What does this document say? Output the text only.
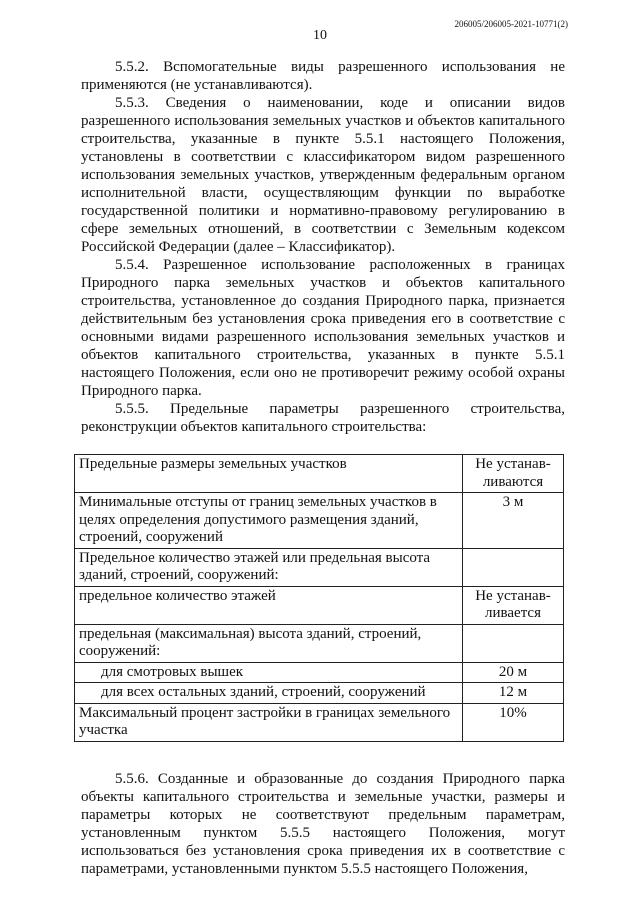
10
206005/206005-2021-10771(2)

5.5.2. Вспомогательные виды разрешенного использования не применяются (не устанавливаются).

5.5.3. Сведения о наименовании, коде и описании видов разрешенного использования земельных участков и объектов капитального строительства, указанные в пункте 5.5.1 настоящего Положения, установлены в соответствии с классификатором видом разрешенного использования земельных участков, утвержденным федеральным органом исполнительной власти, осуществляющим функции по выработке государственной политики и нормативно-правовому регулированию в сфере земельных отношений, в соответствии с Земельным кодексом Российской Федерации (далее – Классификатор).

5.5.4. Разрешенное использование расположенных в границах Природного парка земельных участков и объектов капитального строительства, установленное до создания Природного парка, признается действительным без установления срока приведения его в соответствие с основными видами разрешенного использования земельных участков и объектов капитального строительства, указанных в пункте 5.5.1 настоящего Положения, если оно не противоречит режиму особой охраны Природного парка.

5.5.5. Предельные параметры разрешенного строительства, реконструкции объектов капитального строительства:

Предельные размеры земельных участков	Не устанав-ливаются
Минимальные отступы от границ земельных участков в целях определения допустимого размещения зданий, строений, сооружений	3 м
Предельное количество этажей или предельная высота зданий, строений, сооружений:	
предельное количество этажей	Не устанав-ливается
предельная (максимальная) высота зданий, строений, сооружений:	
для смотровых вышек	20 м
для всех остальных зданий, строений, сооружений	12 м
Максимальный процент застройки в границах земельного участка	10%

5.5.6. Созданные и образованные до создания Природного парка объекты капитального строительства и земельные участки, размеры и параметры которых не соответствуют предельным параметрам, установленным пунктом 5.5.5 настоящего Положения, могут использоваться без установления срока приведения их в соответствие с параметрами, установленными пунктом 5.5.5 настоящего Положения,
